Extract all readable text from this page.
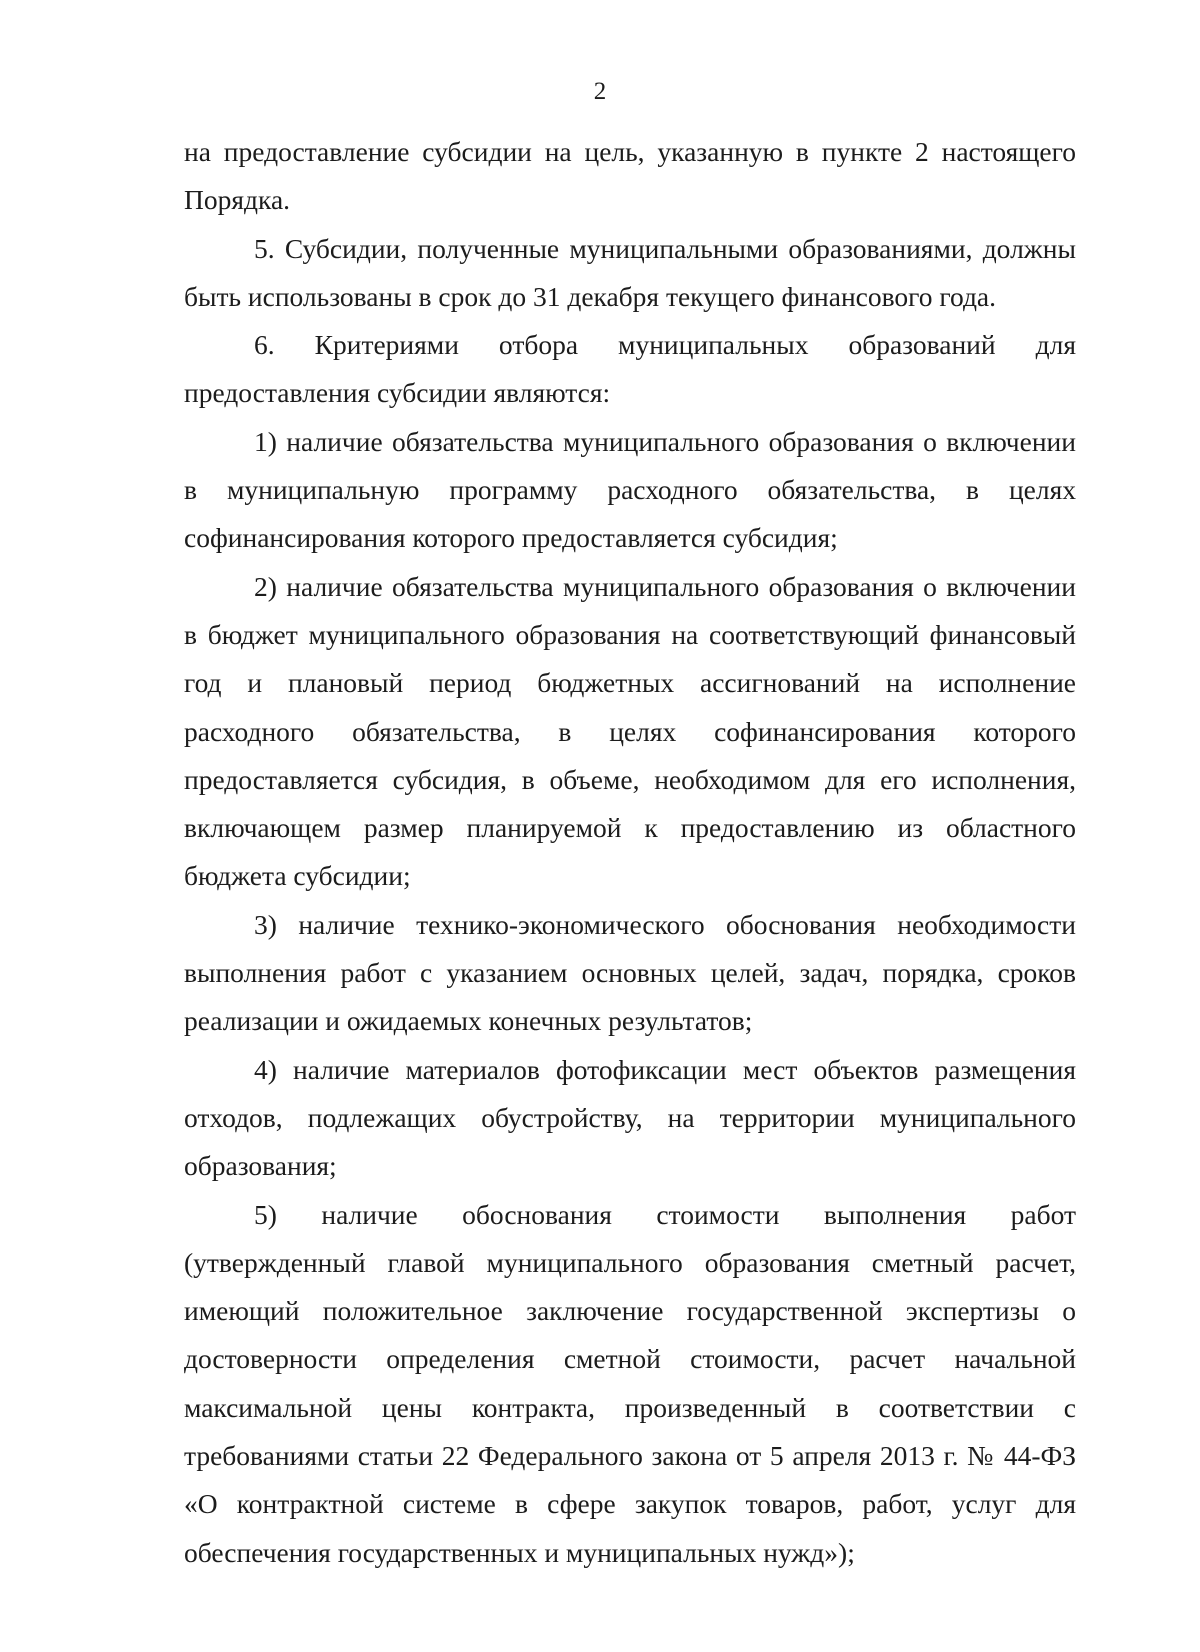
2

на предоставление субсидии на цель, указанную в пункте 2 настоящего Порядка.

5. Субсидии, полученные муниципальными образованиями, должны быть использованы в срок до 31 декабря текущего финансового года.

6. Критериями отбора муниципальных образований для предоставления субсидии являются:

1) наличие обязательства муниципального образования о включении в муниципальную программу расходного обязательства, в целях софинансирования которого предоставляется субсидия;

2) наличие обязательства муниципального образования о включении в бюджет муниципального образования на соответствующий финансовый год и плановый период бюджетных ассигнований на исполнение расходного обязательства, в целях софинансирования которого предоставляется субсидия, в объеме, необходимом для его исполнения, включающем размер планируемой к предоставлению из областного бюджета субсидии;

3) наличие технико-экономического обоснования необходимости выполнения работ с указанием основных целей, задач, порядка, сроков реализации и ожидаемых конечных результатов;

4) наличие материалов фотофиксации мест объектов размещения отходов, подлежащих обустройству, на территории муниципального образования;

5) наличие обоснования стоимости выполнения работ (утвержденный главой муниципального образования сметный расчет, имеющий положительное заключение государственной экспертизы о достоверности определения сметной стоимости, расчет начальной максимальной цены контракта, произведенный в соответствии с требованиями статьи 22 Федерального закона от 5 апреля 2013 г. № 44-ФЗ «О контрактной системе в сфере закупок товаров, работ, услуг для обеспечения государственных и муниципальных нужд»);
